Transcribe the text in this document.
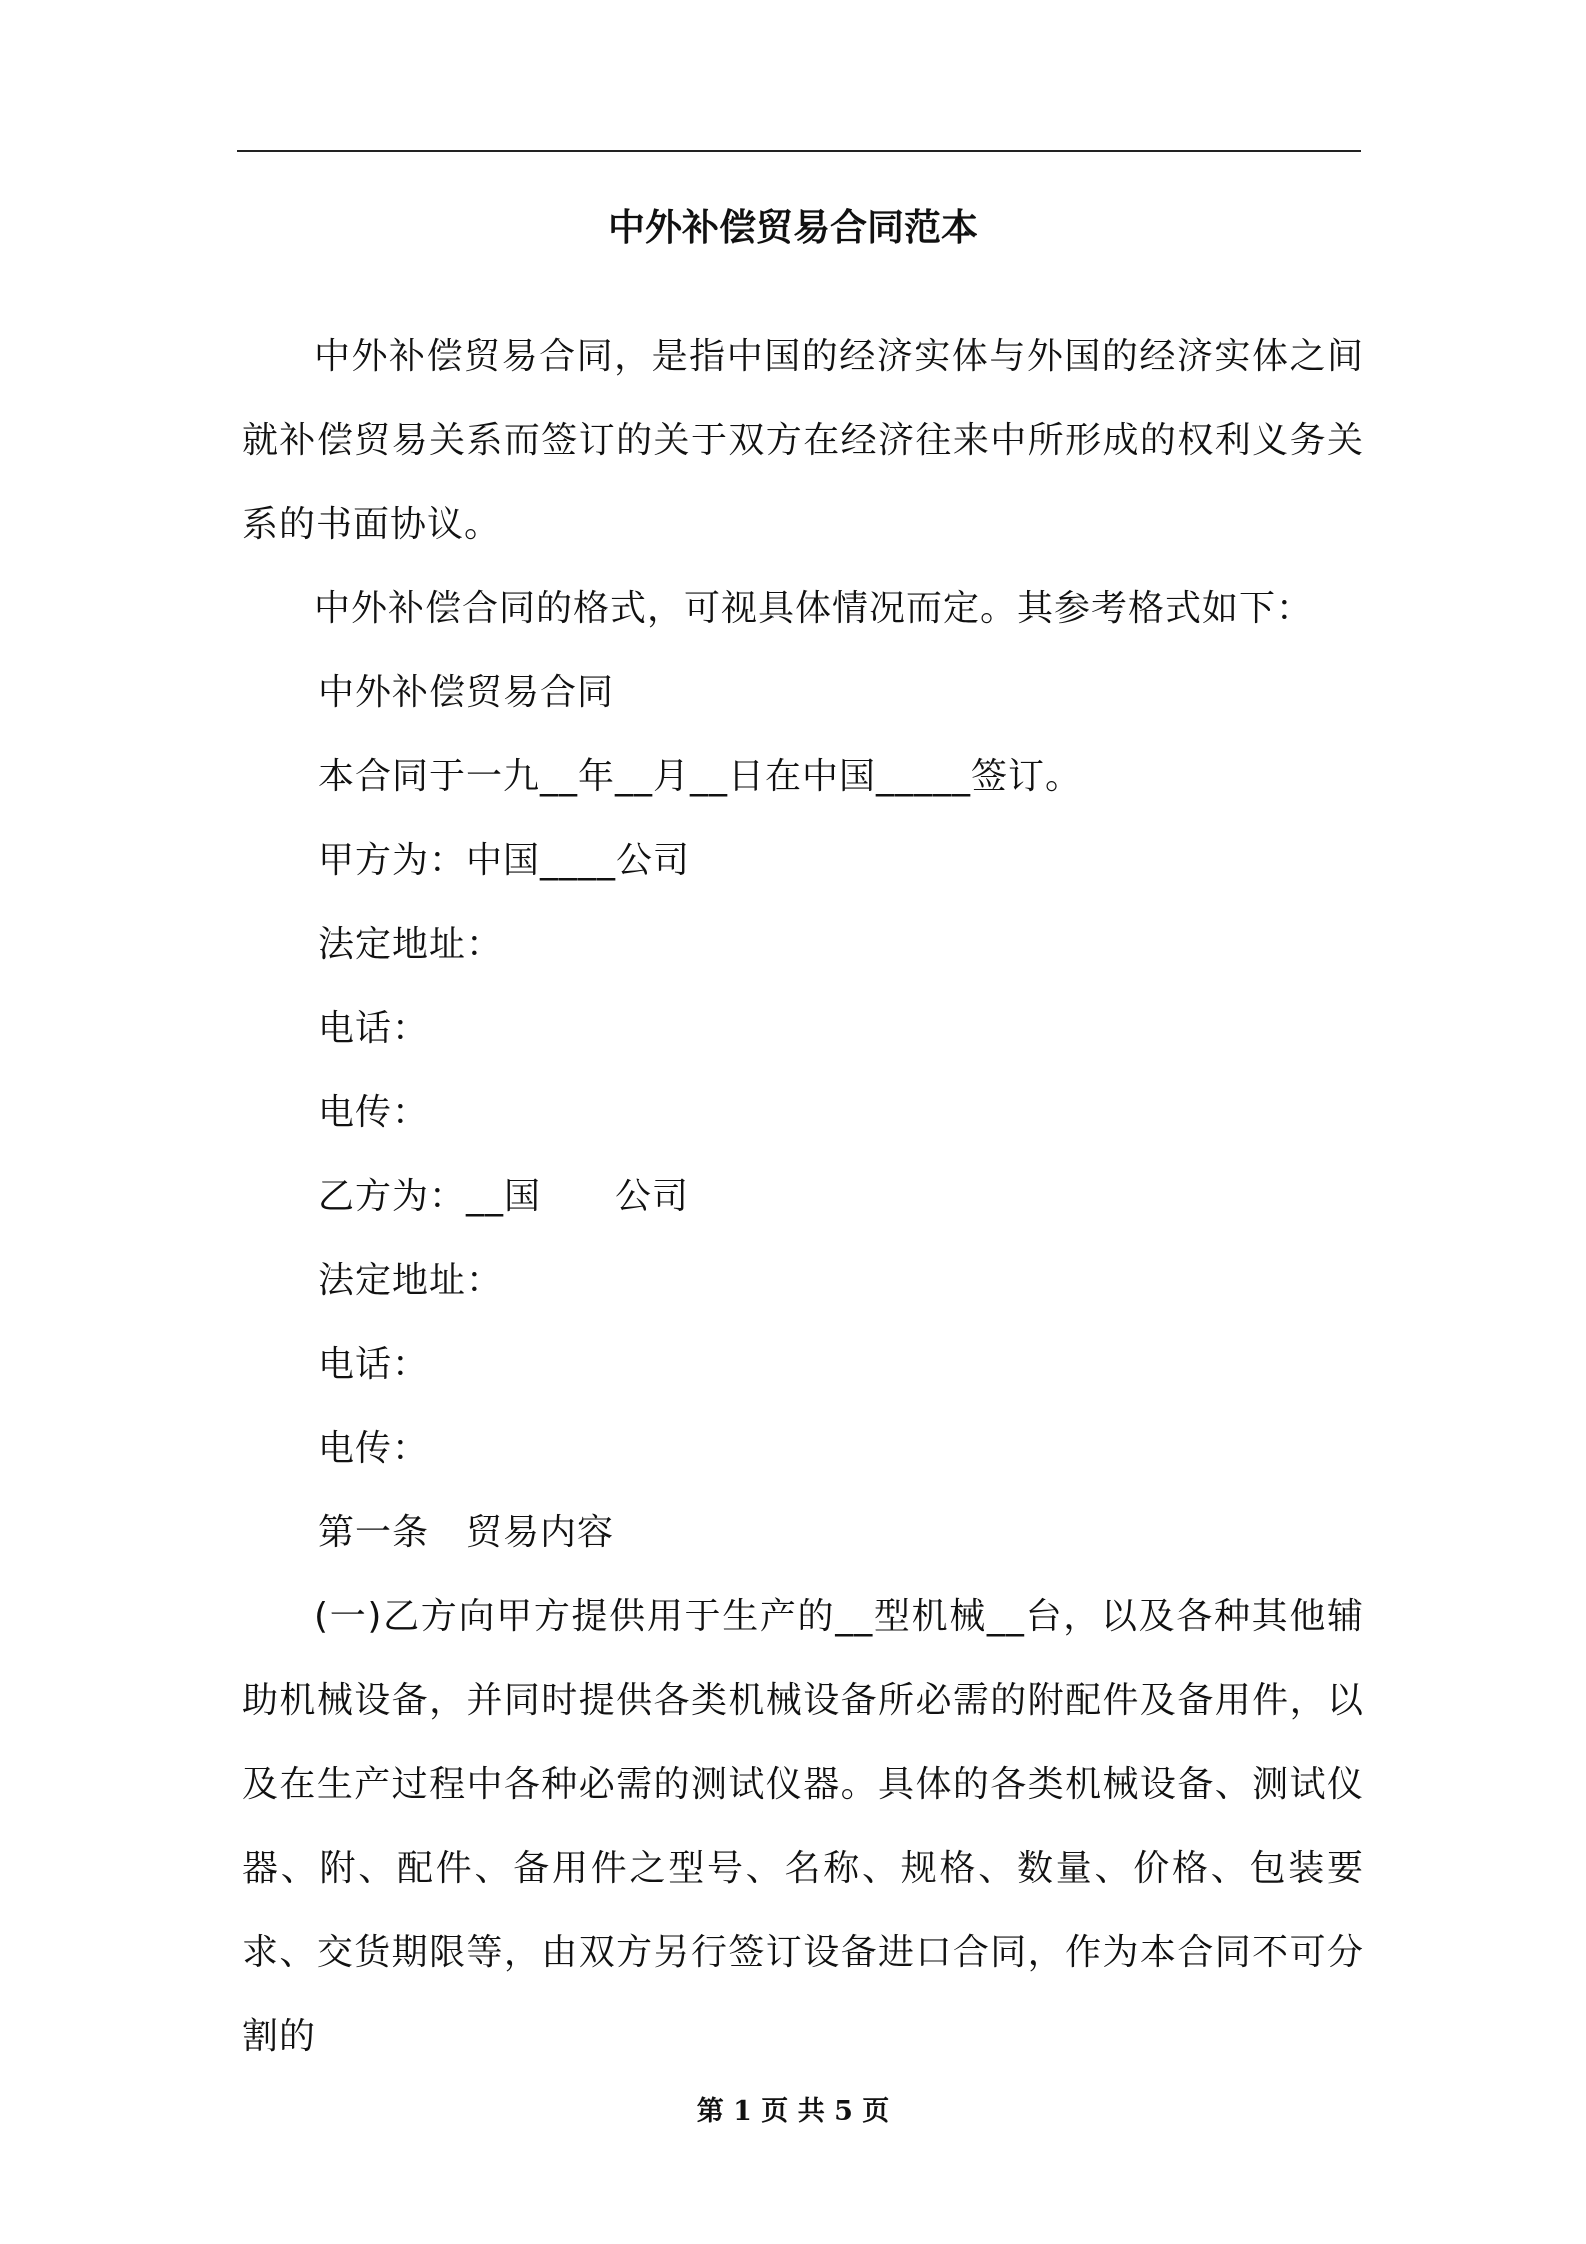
中外补偿贸易合同范本

中外补偿贸易合同，是指中国的经济实体与外国的经济实体之间就补偿贸易关系而签订的关于双方在经济往来中所形成的权利义务关系的书面协议。

中外补偿合同的格式，可视具体情况而定。其参考格式如下：

中外补偿贸易合同

本合同于一九__年__月__日在中国_____签订。

甲方为：中国____公司

法定地址：

电话：

电传：

乙方为：__国　　公司

法定地址：

电话：

电传：

第一条　贸易内容

(一)乙方向甲方提供用于生产的__型机械__台，以及各种其他辅助机械设备，并同时提供各类机械设备所必需的附配件及备用件，以及在生产过程中各种必需的测试仪器。具体的各类机械设备、测试仪器、附、配件、备用件之型号、名称、规格、数量、价格、包装要求、交货期限等，由双方另行签订设备进口合同，作为本合同不可分割的

第 1 页 共 5 页
